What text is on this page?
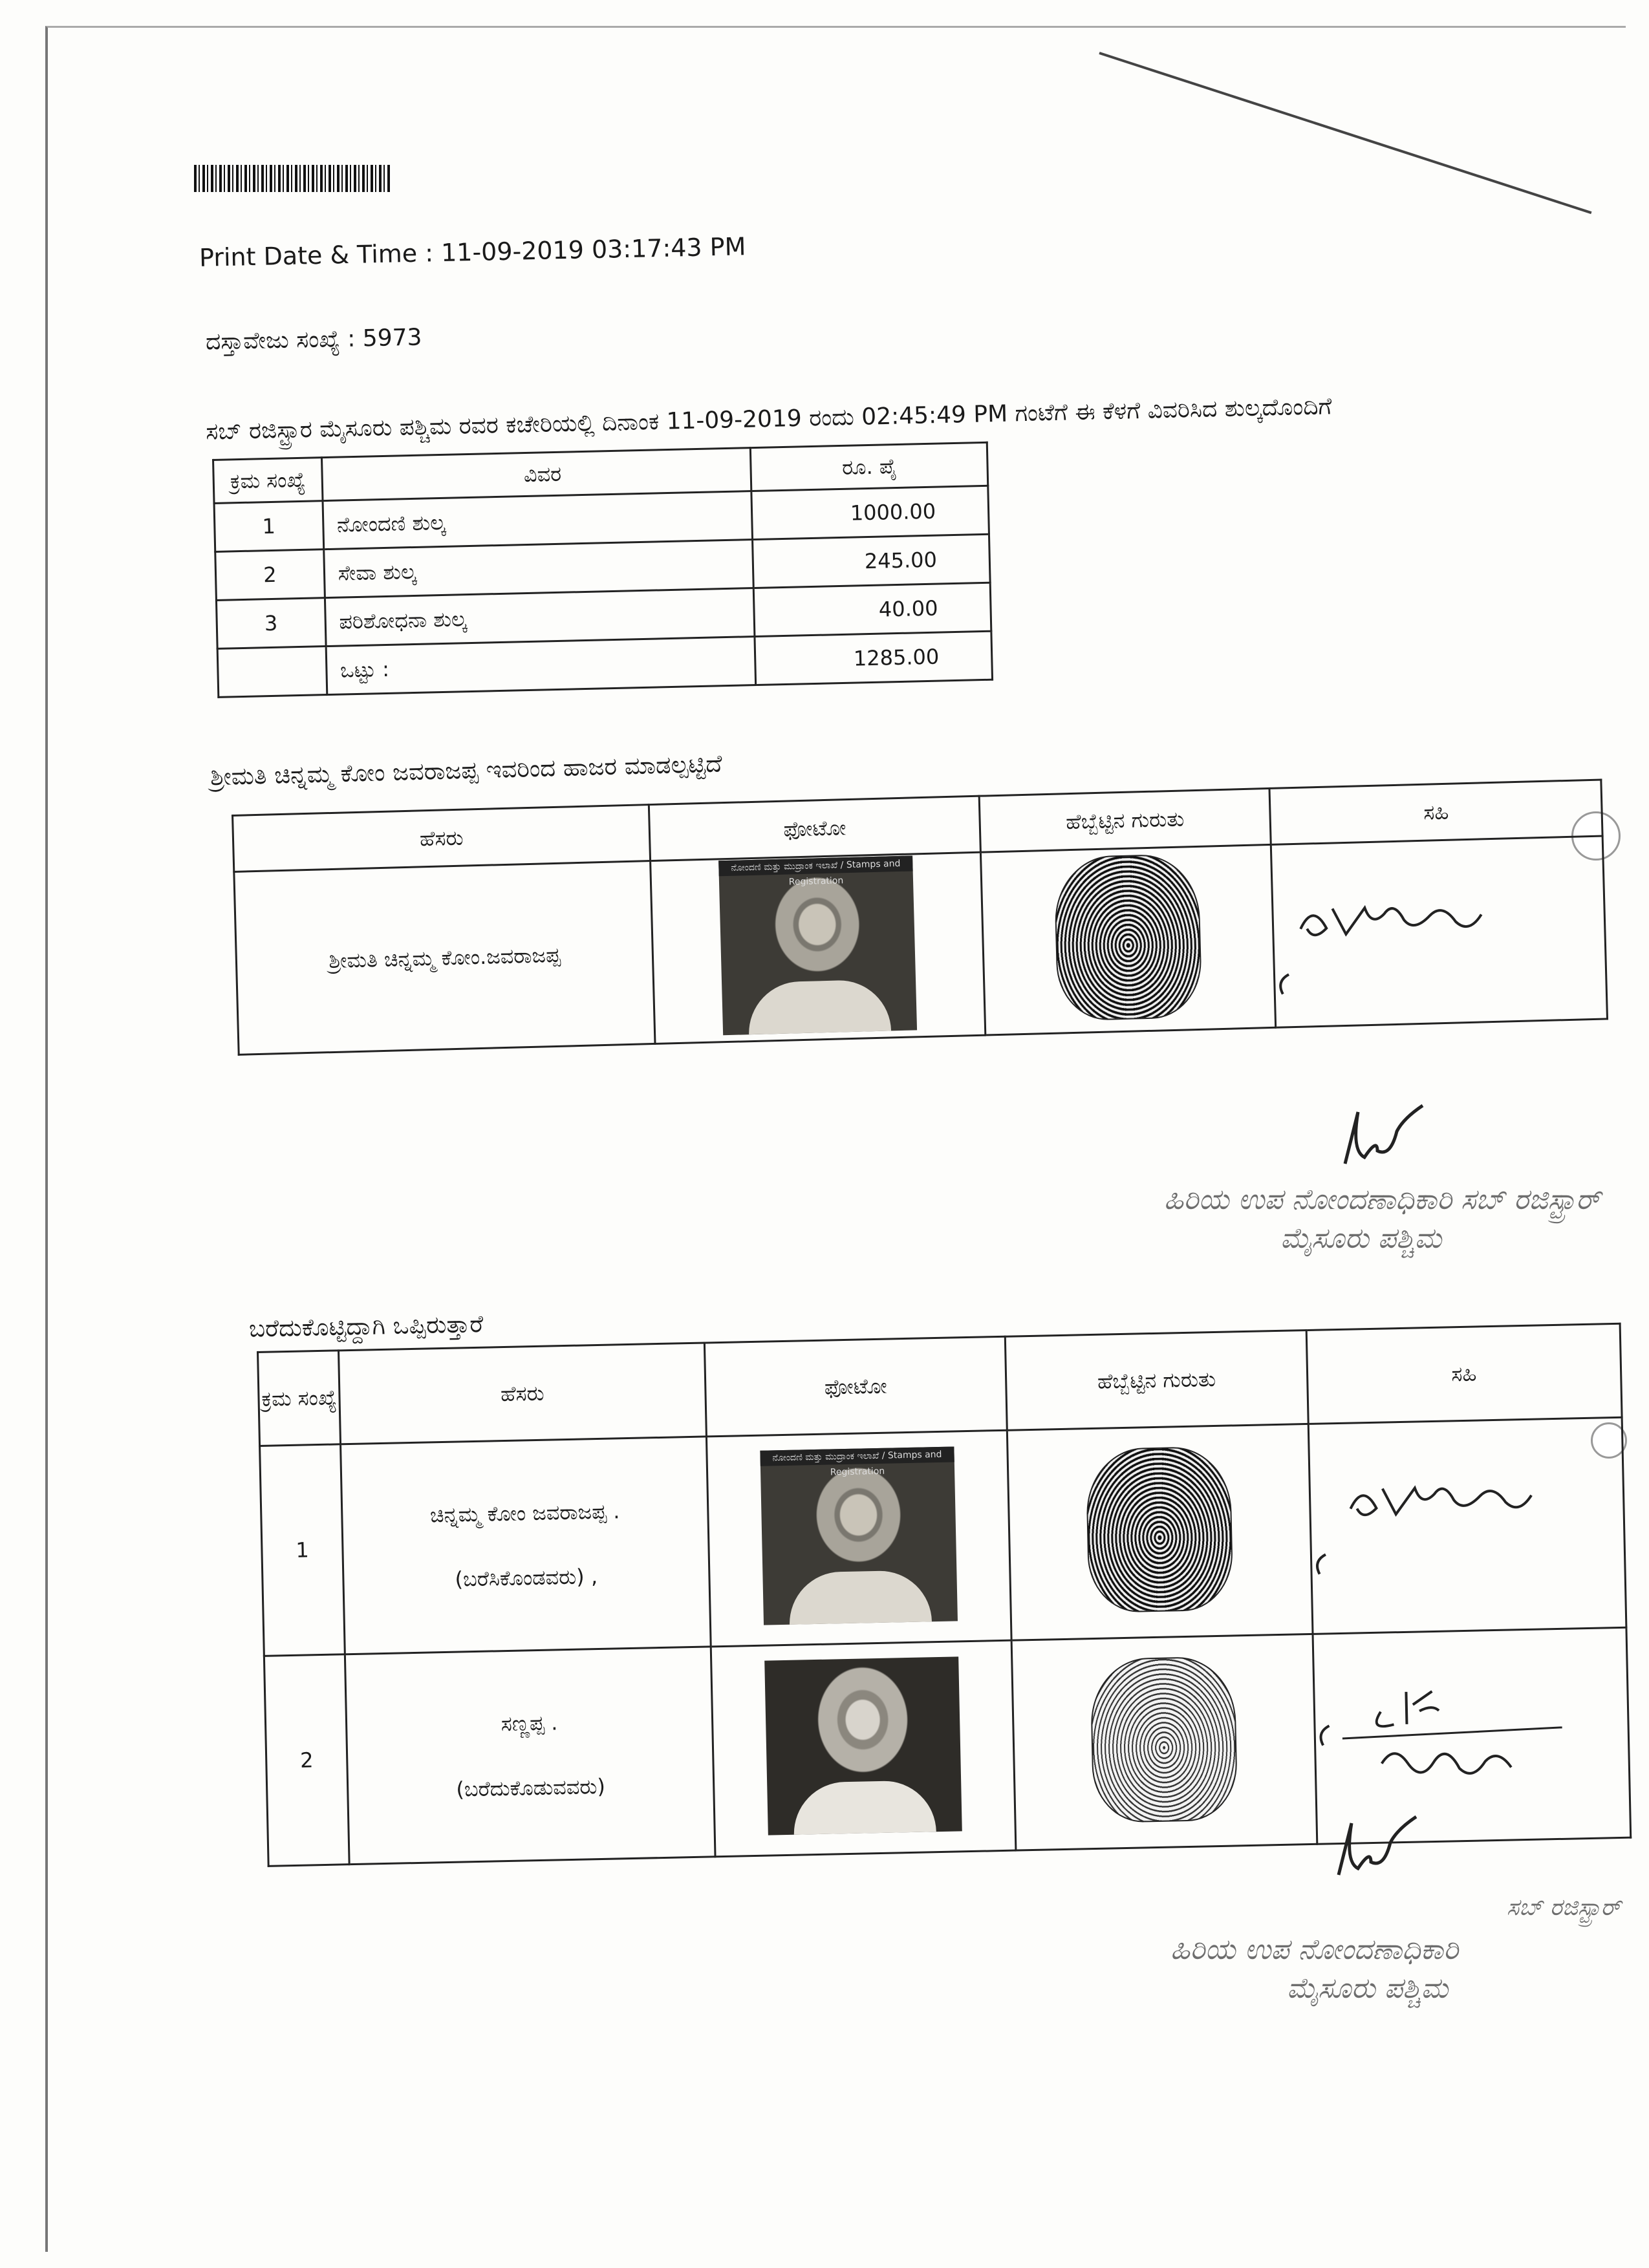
Print Date & Time : 11-09-2019 03:17:43 PM
ದಸ್ತಾವೇಜು ಸಂಖ್ಯೆ : 5973
ಸಬ್ ರಜಿಸ್ಟ್ರಾರ ಮೈಸೂರು ಪಶ್ಚಿಮ ರವರ ಕಚೇರಿಯಲ್ಲಿ ದಿನಾಂಕ 11-09-2019 ರಂದು 02:45:49 PM ಗಂಟೆಗೆ ಈ ಕೆಳಗೆ ವಿವರಿಸಿದ ಶುಲ್ಕದೊಂದಿಗೆ
ಕ್ರಮ ಸಂಖ್ಯೆ	ವಿವರ	ರೂ. ಪೈ
1	ನೋಂದಣಿ ಶುಲ್ಕ	1000.00
2	ಸೇವಾ ಶುಲ್ಕ	245.00
3	ಪರಿಶೋಧನಾ ಶುಲ್ಕ	40.00
	ಒಟ್ಟು :	1285.00
ಶ್ರೀಮತಿ ಚಿನ್ನಮ್ಮ ಕೋಂ ಜವರಾಜಪ್ಪ ಇವರಿಂದ ಹಾಜರ ಮಾಡಲ್ಪಟ್ಟಿದೆ
ಹೆಸರು	ಫೋಟೋ	ಹೆಬ್ಬೆಟ್ಟಿನ ಗುರುತು	ಸಹಿ
ಶ್ರೀಮತಿ ಚಿನ್ನಮ್ಮ ಕೋಂ.ಜವರಾಜಪ್ಪ	ನೋಂದಣಿ ಮತ್ತು ಮುದ್ರಾಂಕ ಇಲಾಖೆ / Stamps and Registration

ಹಿರಿಯ ಉಪ ನೋಂದಣಾಧಿಕಾರಿ ಸಬ್ ರಜಿಸ್ಟ್ರಾರ್
ಮೈಸೂರು ಪಶ್ಚಿಮ
ಬರೆದುಕೊಟ್ಟಿದ್ದಾಗಿ ಒಪ್ಪಿರುತ್ತಾರೆ
ಕ್ರಮ ಸಂಖ್ಯೆ	ಹೆಸರು	ಫೋಟೋ	ಹೆಬ್ಬೆಟ್ಟಿನ ಗುರುತು	ಸಹಿ
1	ಚಿನ್ನಮ್ಮ ಕೋಂ ಜವರಾಜಪ್ಪ .
(ಬರೆಸಿಕೊಂಡವರು) ,	ನೋಂದಣಿ ಮತ್ತು ಮುದ್ರಾಂಕ ಇಲಾಖೆ / Stamps and Registration

2	ಸಣ್ಣಪ್ಪ .
(ಬರೆದುಕೊಡುವವರು)

ಸಬ್ ರಜಿಸ್ಟ್ರಾರ್
ಹಿರಿಯ ಉಪ ನೋಂದಣಾಧಿಕಾರಿ
ಮೈಸೂರು ಪಶ್ಚಿಮ
